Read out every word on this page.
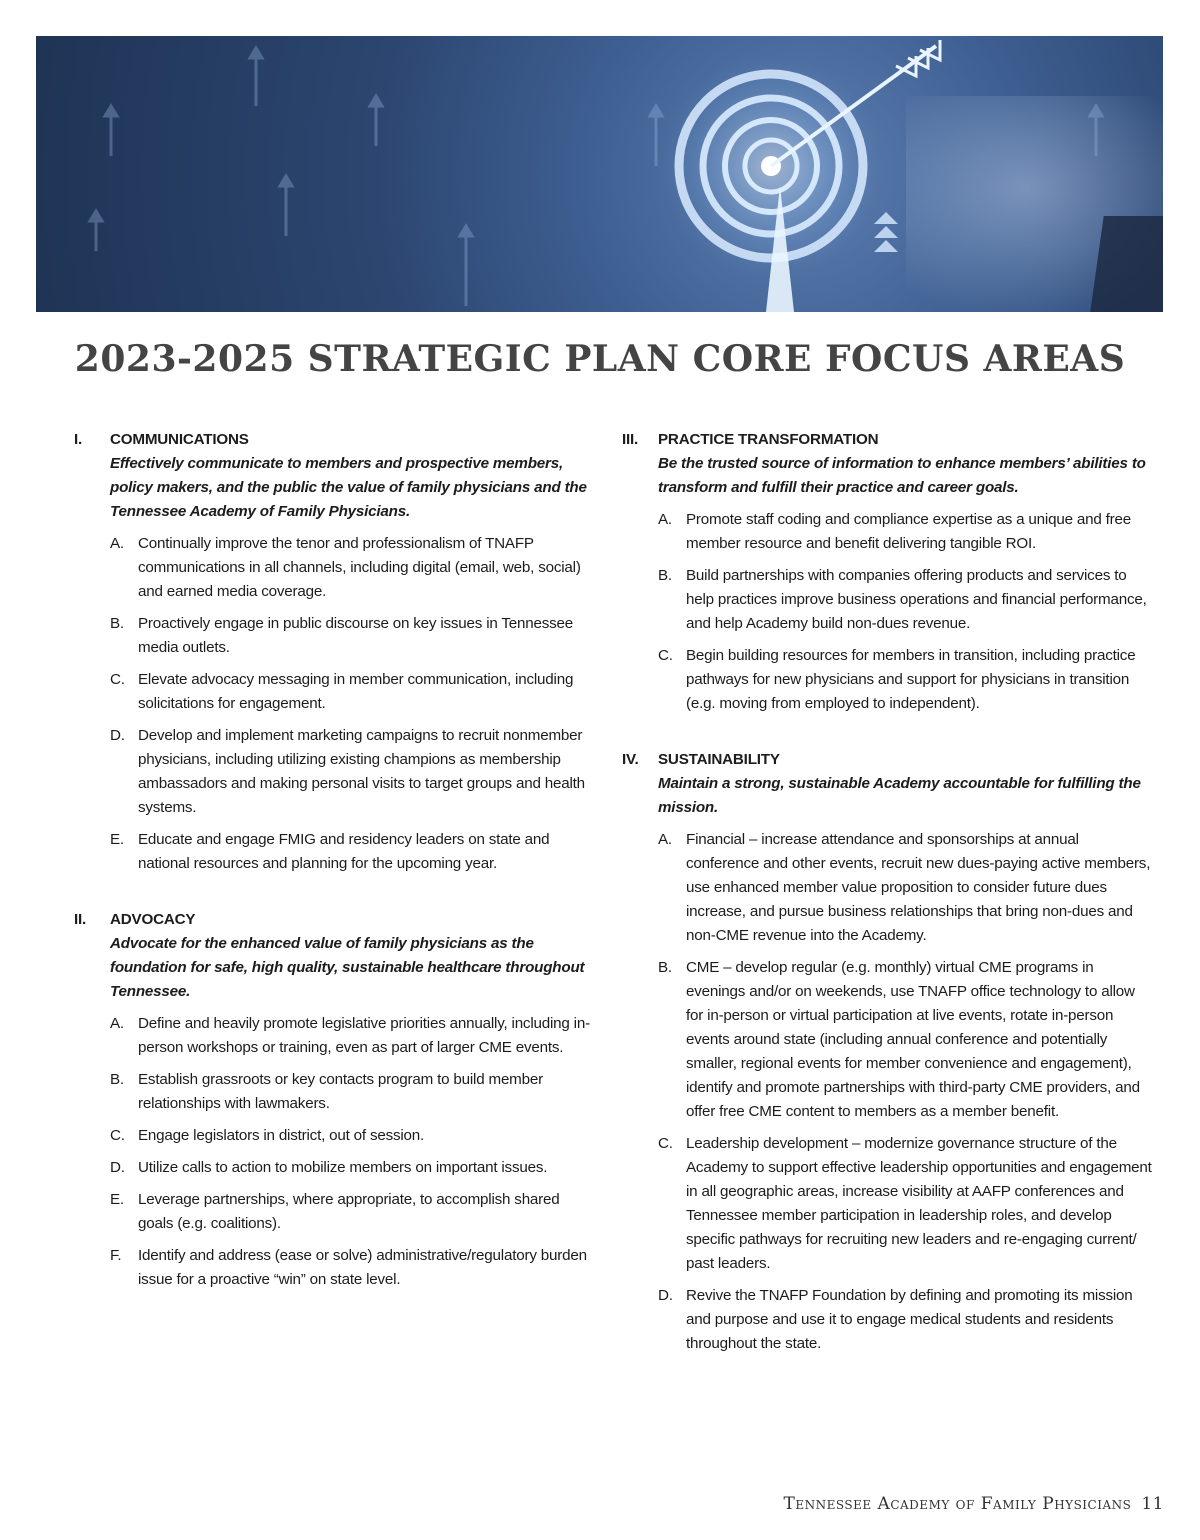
2023-2025 STRATEGIC PLAN CORE FOCUS AREAS
I. COMMUNICATIONS
Effectively communicate to members and prospective members, policy makers, and the public the value of family physicians and the Tennessee Academy of Family Physicians.
A. Continually improve the tenor and professionalism of TNAFP communications in all channels, including digital (email, web, social) and earned media coverage.
B. Proactively engage in public discourse on key issues in Tennessee media outlets.
C. Elevate advocacy messaging in member communication, including solicitations for engagement.
D. Develop and implement marketing campaigns to recruit nonmember physicians, including utilizing existing champions as membership ambassadors and making personal visits to target groups and health systems.
E. Educate and engage FMIG and residency leaders on state and national resources and planning for the upcoming year.
II. ADVOCACY
Advocate for the enhanced value of family physicians as the foundation for safe, high quality, sustainable healthcare throughout Tennessee.
A. Define and heavily promote legislative priorities annually, including in-person workshops or training, even as part of larger CME events.
B. Establish grassroots or key contacts program to build member relationships with lawmakers.
C. Engage legislators in district, out of session.
D. Utilize calls to action to mobilize members on important issues.
E. Leverage partnerships, where appropriate, to accomplish shared goals (e.g. coalitions).
F. Identify and address (ease or solve) administrative/regulatory burden issue for a proactive “win” on state level.
III. PRACTICE TRANSFORMATION
Be the trusted source of information to enhance members’ abilities to transform and fulfill their practice and career goals.
A. Promote staff coding and compliance expertise as a unique and free member resource and benefit delivering tangible ROI.
B. Build partnerships with companies offering products and services to help practices improve business operations and financial performance, and help Academy build non-dues revenue.
C. Begin building resources for members in transition, including practice pathways for new physicians and support for physicians in transition (e.g. moving from employed to independent).
IV. SUSTAINABILITY
Maintain a strong, sustainable Academy accountable for fulfilling the mission.
A. Financial – increase attendance and sponsorships at annual conference and other events, recruit new dues-paying active members, use enhanced member value proposition to consider future dues increase, and pursue business relationships that bring non-dues and non-CME revenue into the Academy.
B. CME – develop regular (e.g. monthly) virtual CME programs in evenings and/or on weekends, use TNAFP office technology to allow for in-person or virtual participation at live events, rotate in-person events around state (including annual conference and potentially smaller, regional events for member convenience and engagement), identify and promote partnerships with third-party CME providers, and offer free CME content to members as a member benefit.
C. Leadership development – modernize governance structure of the Academy to support effective leadership opportunities and engagement in all geographic areas, increase visibility at AAFP conferences and Tennessee member participation in leadership roles, and develop specific pathways for recruiting new leaders and re-engaging current/ past leaders.
D. Revive the TNAFP Foundation by defining and promoting its mission and purpose and use it to engage medical students and residents throughout the state.
Tennessee Academy of Family Physicians 11
